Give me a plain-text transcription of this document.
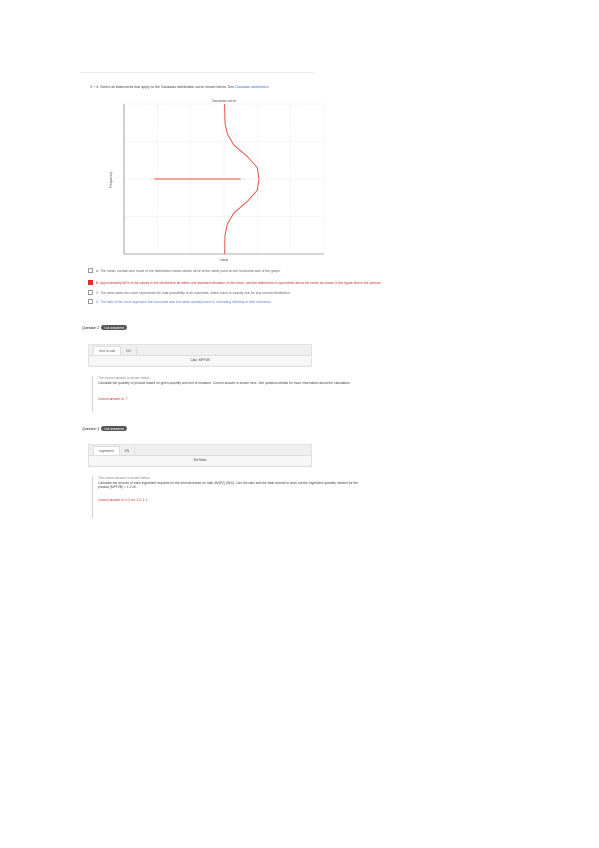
3 + 4. Select all statements that apply to the Gaussian distribution curve shown below. See Gaussian distribution
Gaussian curve
Value
Frequency	←	→
A. The mean, median and mode of the distribution shown above all lie at the same point on the horizontal axis of the graph.
B. Approximately 68% of the values in the distribution lie within one standard deviation of the mean, and the distribution is symmetric about the mean as shown in the figure above the options.
C. The area under the curve represents the total probability of all outcomes, which sums to exactly one for any normal distribution.
D. The tails of the curve approach the horizontal axis but never actually touch it, extending infinitely in both directions.
Question 2	Not answered
Unit of calc	EN
Calc: MPF2B
The correct answer is shown below:
Calculate the quantity of product based on given quantity and unit of measure. Correct answer is shown here. See question details for more information about the calculation.
Correct answer is: 7
Question 3	Not answered
Ingredient	EN
3M Ratio
The correct answer is shown below:
Calculate the amount of each ingredient required for the formula based on ratio 3M(P2) (W/V). Use the ratio and the total volume to work out the ingredient quantity needed for the
product (MPF2B) = 1.2 ml.
Correct answer is: 0.2 ml, 1.2, 1.1
